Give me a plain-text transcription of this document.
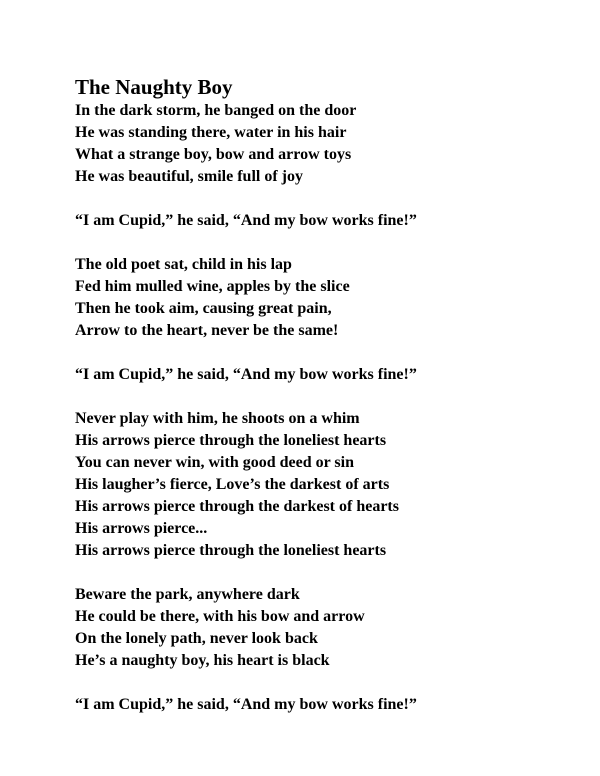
The Naughty Boy
In the dark storm, he banged on the door
He was standing there, water in his hair
What a strange boy, bow and arrow toys
He was beautiful, smile full of joy
“I am Cupid,” he said, “And my bow works fine!”
The old poet sat, child in his lap
Fed him mulled wine, apples by the slice
Then he took aim, causing great pain,
Arrow to the heart, never be the same!
“I am Cupid,” he said, “And my bow works fine!”
Never play with him, he shoots on a whim
His arrows pierce through the loneliest hearts
You can never win, with good deed or sin
His laugher’s fierce, Love’s the darkest of arts
His arrows pierce through the darkest of hearts
His arrows pierce...
His arrows pierce through the loneliest hearts
Beware the park, anywhere dark
He could be there, with his bow and arrow
On the lonely path, never look back
He’s a naughty boy, his heart is black
“I am Cupid,” he said, “And my bow works fine!”
